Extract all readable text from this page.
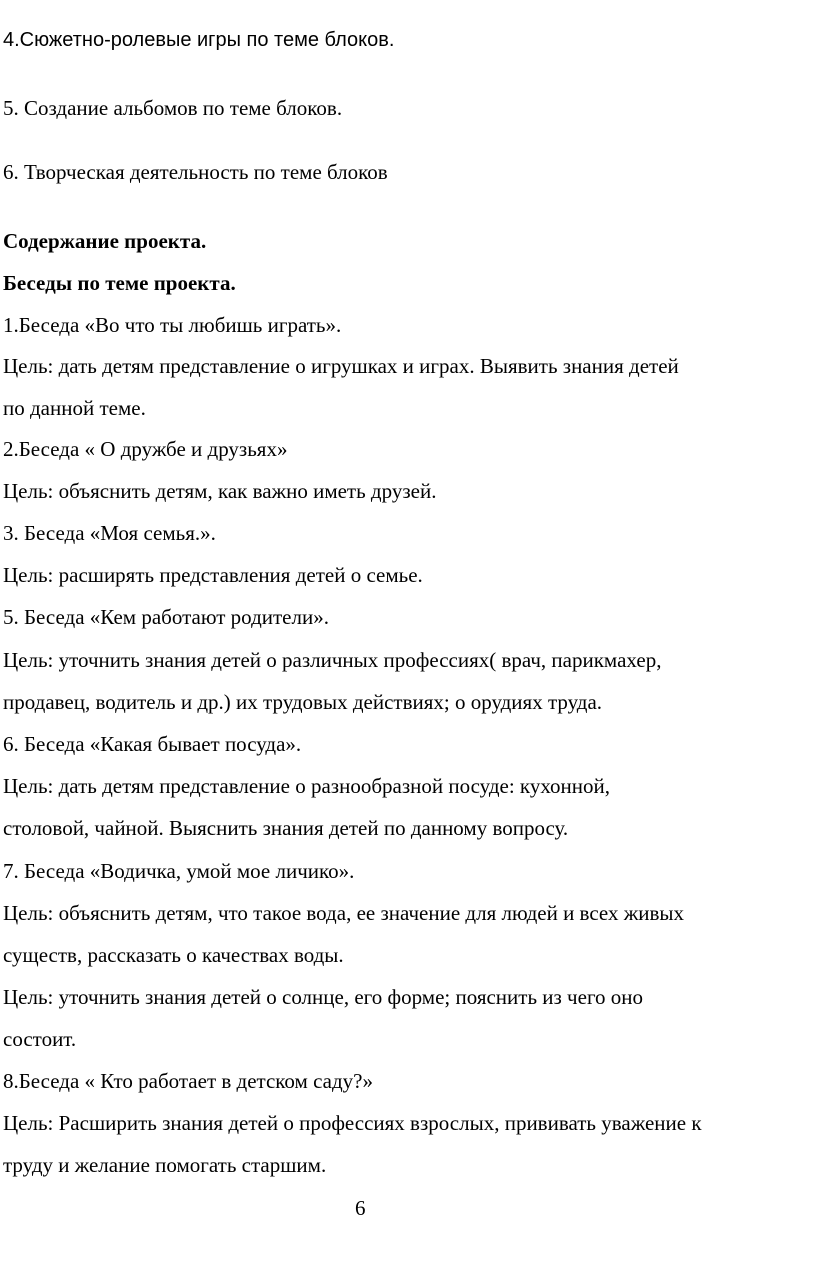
4.Сюжетно-ролевые игры по теме блоков.
5. Создание альбомов по теме блоков.
6. Творческая деятельность по теме блоков
Содержание проекта.
Беседы по теме проекта.
1.Беседа «Во что ты любишь играть».
Цель: дать детям представление о игрушках и играх. Выявить знания детей
по данной теме.
2.Беседа « О дружбе и друзьях»
Цель: объяснить детям, как важно иметь друзей.
3. Беседа «Моя семья.».
Цель: расширять представления детей о семье.
5. Беседа «Кем работают родители».
Цель: уточнить знания детей о различных профессиях( врач, парикмахер,
продавец, водитель и др.) их трудовых действиях; о орудиях труда.
6. Беседа «Какая бывает посуда».
Цель: дать детям представление о разнообразной посуде: кухонной,
столовой, чайной. Выяснить знания детей по данному вопросу.
7. Беседа «Водичка, умой мое личико».
Цель: объяснить детям, что такое вода, ее значение для людей и всех живых
существ, рассказать о качествах воды.
Цель: уточнить знания детей о солнце, его форме; пояснить из чего оно
состоит.
8.Беседа « Кто работает в детском саду?»
Цель: Расширить знания детей о профессиях взрослых, прививать уважение к
труду и желание помогать старшим.
6
